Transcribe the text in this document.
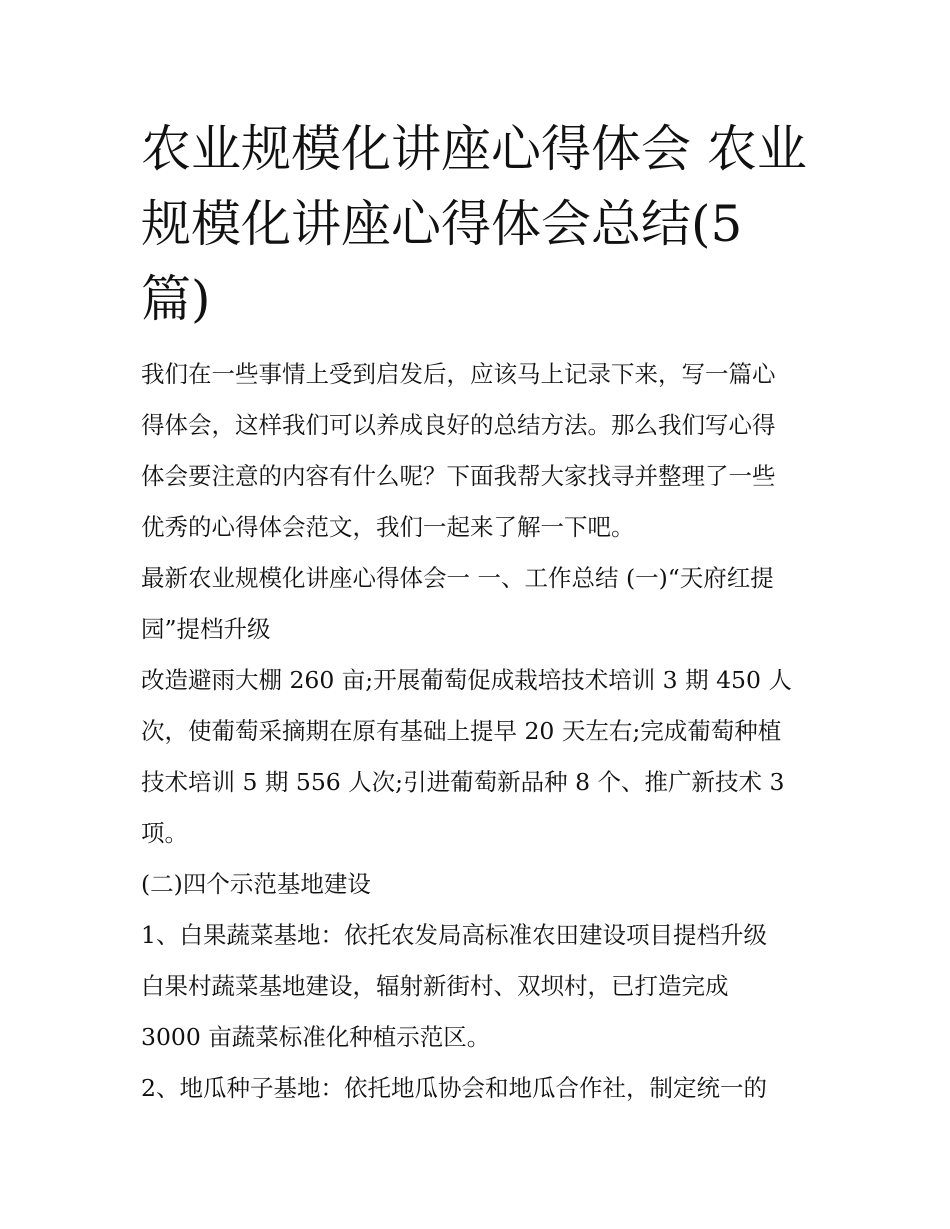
农业规模化讲座心得体会 农业
规模化讲座心得体会总结(5
篇)

我们在一些事情上受到启发后，应该马上记录下来，写一篇心
得体会，这样我们可以养成良好的总结方法。那么我们写心得
体会要注意的内容有什么呢？下面我帮大家找寻并整理了一些
优秀的心得体会范文，我们一起来了解一下吧。

最新农业规模化讲座心得体会一 一、工作总结 (一)“天府红提
园”提档升级

改造避雨大棚 260 亩;开展葡萄促成栽培技术培训 3 期 450 人
次，使葡萄采摘期在原有基础上提早 20 天左右;完成葡萄种植
技术培训 5 期 556 人次;引进葡萄新品种 8 个、推广新技术 3
项。

(二)四个示范基地建设

1、白果蔬菜基地：依托农发局高标准农田建设项目提档升级
白果村蔬菜基地建设，辐射新街村、双坝村，已打造完成
3000 亩蔬菜标准化种植示范区。

2、地瓜种子基地：依托地瓜协会和地瓜合作社，制定统一的
